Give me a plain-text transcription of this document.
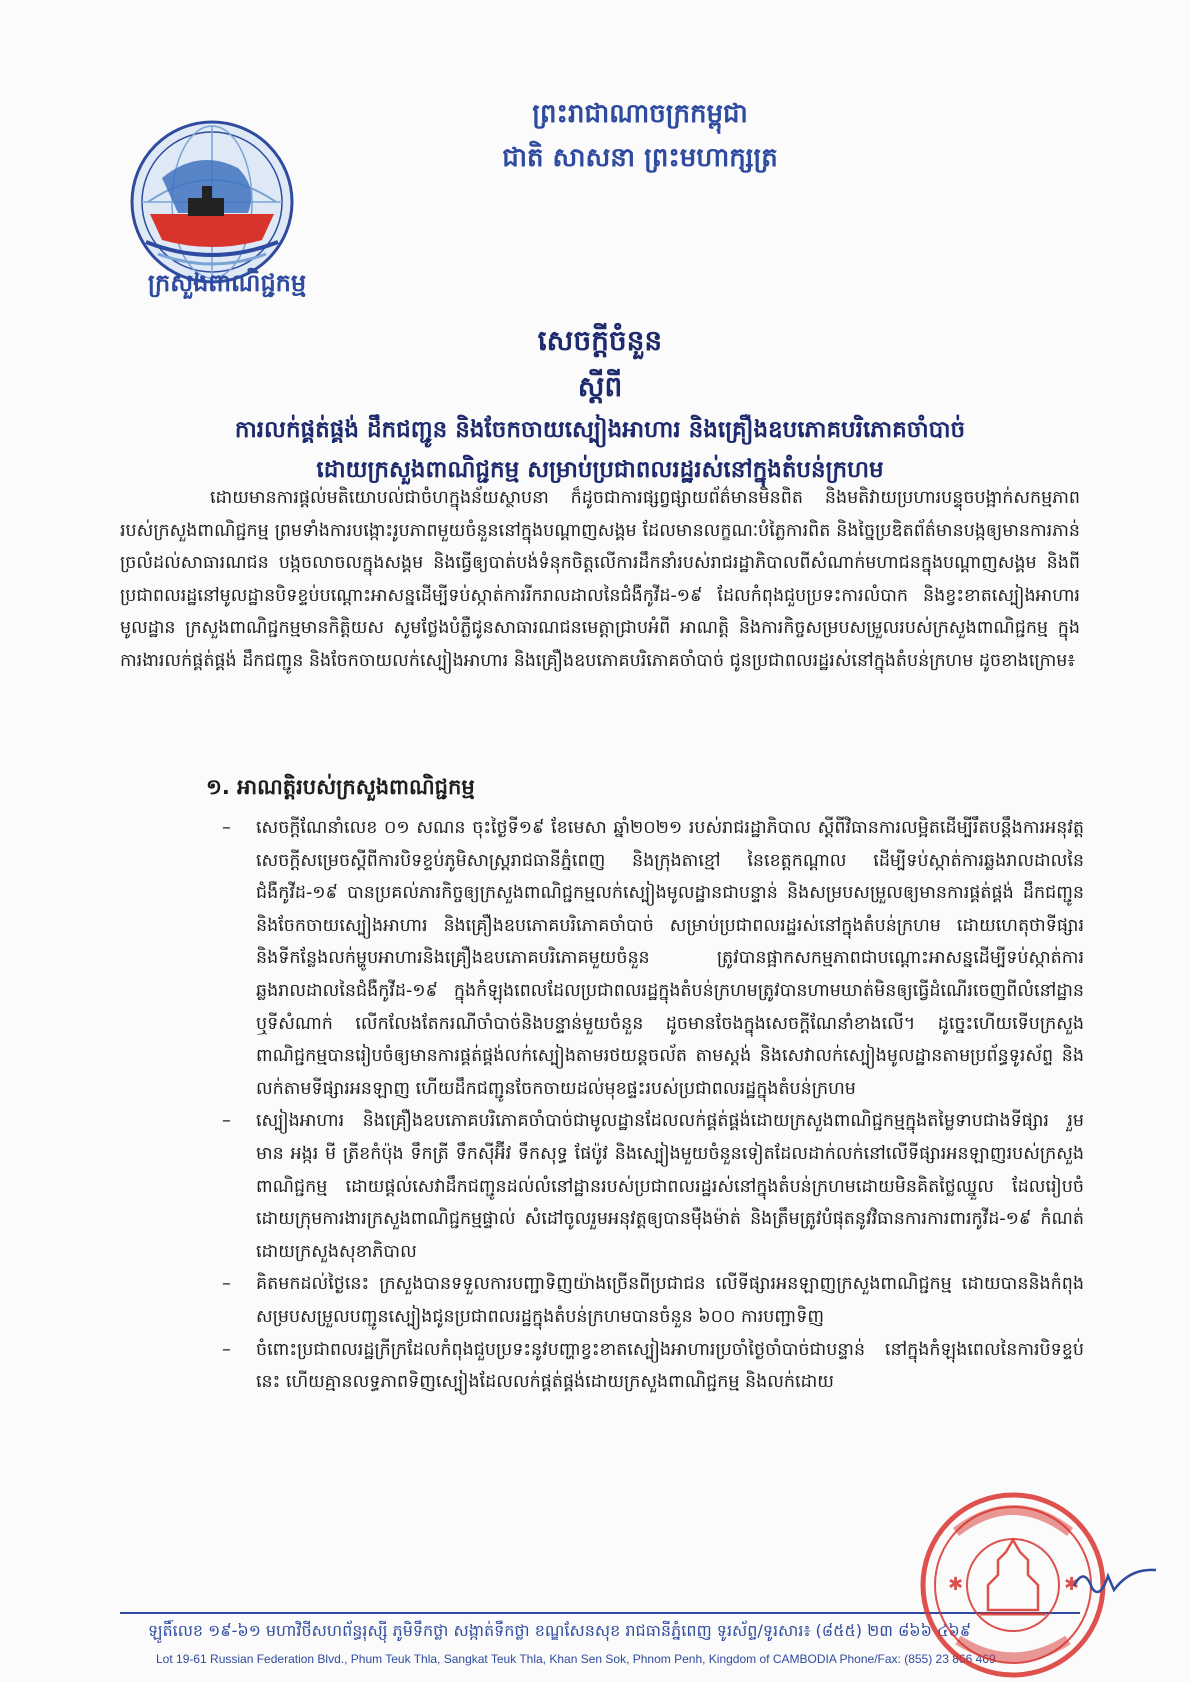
ក្រសួងពាណិជ្ជកម្ម
ព្រះរាជាណាចក្រកម្ពុជា
ជាតិ សាសនា ព្រះមហាក្សត្រ
សេចក្តីចំនួន
ស្តីពី
ការលក់ផ្គត់ផ្គង់ ដឹកជញ្ជូន និងចែកចាយស្បៀងអាហារ និងគ្រឿងឧបភោគបរិភោគចាំបាច់
ដោយក្រសួងពាណិជ្ជកម្ម សម្រាប់ប្រជាពលរដ្ឋរស់នៅក្នុងតំបន់ក្រហម

ដោយមានការផ្តល់មតិយោបល់ជាចំហក្នុងន័យស្ថាបនា ក៏ដូចជាការផ្សព្វផ្សាយព័ត៌មានមិនពិត និងមតិវាយប្រហារបន្ទុចបង្អាក់សកម្មភាពរបស់ក្រសួងពាណិជ្ជកម្ម ព្រមទាំងការបង្កោះរូបភាពមួយចំនួននៅក្នុងបណ្តាញសង្គម ដែលមានលក្ខណៈបំភ្លៃការពិត និងច្នៃប្រឌិតព័ត៌មានបង្កឲ្យមានការភាន់ច្រលំដល់សាធារណជន បង្កចលាចលក្នុងសង្គម និងធ្វើឲ្យបាត់បង់ទំនុកចិត្តលើការដឹកនាំរបស់រាជរដ្ឋាភិបាលពីសំណាក់មហាជនក្នុងបណ្តាញសង្គម និងពីប្រជាពលរដ្ឋនៅមូលដ្ឋានបិទខ្ទប់បណ្តោះអាសន្នដើម្បីទប់ស្កាត់ការរីករាលដាលនៃជំងឺកូវីដ-១៩ ដែលកំពុងជួបប្រទះការលំបាក និងខ្វះខាតស្បៀងអាហារមូលដ្ឋាន ក្រសួងពាណិជ្ជកម្មមានកិត្តិយស សូមថ្លែងបំភ្លឺជូនសាធារណជនមេត្តាជ្រាបអំពី អាណត្តិ និងការកិច្ចសម្របសម្រួលរបស់ក្រសួងពាណិជ្ជកម្ម ក្នុងការងារលក់ផ្គត់ផ្គង់ ដឹកជញ្ជូន និងចែកចាយលក់ស្បៀងអាហារ និងគ្រឿងឧបភោគបរិភោគចាំបាច់ ជូនប្រជាពលរដ្ឋរស់នៅក្នុងតំបន់ក្រហម ដូចខាងក្រោម៖

១. អាណត្តិរបស់ក្រសួងពាណិជ្ជកម្ម

– សេចក្តីណែនាំលេខ ០១ សណន ចុះថ្ងៃទី១៩ ខែមេសា ឆ្នាំ២០២១ របស់រាជរដ្ឋាភិបាល ស្តីពីវិធានការលម្អិតដើម្បីរឹតបន្តឹងការអនុវត្តសេចក្តីសម្រេចស្តីពីការបិទខ្ទប់ភូមិសាស្ត្ររាជធានីភ្នំពេញ និងក្រុងតាខ្មៅ នៃខេត្តកណ្តាល ដើម្បីទប់ស្កាត់ការឆ្លងរាលដាលនៃជំងឺកូវីដ-១៩ បានប្រគល់ភារកិច្ចឲ្យក្រសួងពាណិជ្ជកម្មលក់ស្បៀងមូលដ្ឋានជាបន្ទាន់ និងសម្របសម្រួលឲ្យមានការផ្គត់ផ្គង់ ដឹកជញ្ជូន និងចែកចាយស្បៀងអាហារ និងគ្រឿងឧបភោគបរិភោគចាំបាច់ សម្រាប់ប្រជាពលរដ្ឋរស់នៅក្នុងតំបន់ក្រហម ដោយហេតុថាទីផ្សារ និងទីកន្លែងលក់ម្ហូបអាហារនិងគ្រឿងឧបភោគបរិភោគមួយចំនួន ត្រូវបានផ្អាកសកម្មភាពជាបណ្តោះអាសន្នដើម្បីទប់ស្កាត់ការឆ្លងរាលដាលនៃជំងឺកូវីដ-១៩ ក្នុងកំឡុងពេលដែលប្រជាពលរដ្ឋក្នុងតំបន់ក្រហមត្រូវបានហាមឃាត់មិនឲ្យធ្វើដំណើរចេញពីលំនៅដ្ឋាន ឬទីសំណាក់ លើកលែងតែករណីចាំបាច់និងបន្ទាន់មួយចំនួន ដូចមានចែងក្នុងសេចក្តីណែនាំខាងលើ។ ដូច្នេះហើយទើបក្រសួងពាណិជ្ជកម្មបានរៀបចំឲ្យមានការផ្គត់ផ្គង់លក់ស្បៀងតាមរថយន្តចល័ត តាមស្តង់ និងសេវាលក់ស្បៀងមូលដ្ឋានតាមប្រព័ន្ធទូរស័ព្ទ និងលក់តាមទីផ្សារអនឡាញ ហើយដឹកជញ្ជូនចែកចាយដល់មុខផ្ទះរបស់ប្រជាពលរដ្ឋក្នុងតំបន់ក្រហម

– ស្បៀងអាហារ និងគ្រឿងឧបភោគបរិភោគចាំបាច់ជាមូលដ្ឋានដែលលក់ផ្គត់ផ្គង់ដោយក្រសួងពាណិជ្ជកម្មក្នុងតម្លៃទាបជាងទីផ្សារ រួមមាន អង្ករ មី ត្រីខកំប៉ុង ទឹកត្រី ទឹកស៊ីអ៊ីវ ទឹកសុទ្ធ ផែប៉ូវ និងស្បៀងមួយចំនួនទៀតដែលដាក់លក់នៅលើទីផ្សារអនឡាញរបស់ក្រសួងពាណិជ្ជកម្ម ដោយផ្តល់សេវាដឹកជញ្ជូនដល់លំនៅដ្ឋានរបស់ប្រជាពលរដ្ឋរស់នៅក្នុងតំបន់ក្រហមដោយមិនគិតថ្លៃឈ្នួល ដែលរៀបចំដោយក្រុមការងារក្រសួងពាណិជ្ជកម្មផ្ទាល់ សំដៅចូលរួមអនុវត្តឲ្យបានម៉ឺងម៉ាត់ និងត្រឹមត្រូវបំផុតនូវវិធានការការពារកូវីដ-១៩ កំណត់ដោយក្រសួងសុខាភិបាល

– គិតមកដល់ថ្ងៃនេះ ក្រសួងបានទទួលការបញ្ជាទិញយ៉ាងច្រើនពីប្រជាជន លើទីផ្សារអនឡាញក្រសួងពាណិជ្ជកម្ម ដោយបាននិងកំពុងសម្របសម្រួលបញ្ជូនស្បៀងជូនប្រជាពលរដ្ឋក្នុងតំបន់ក្រហមបានចំនួន ៦០០ ការបញ្ជាទិញ

– ចំពោះប្រជាពលរដ្ឋក្រីក្រដែលកំពុងជួបប្រទះនូវបញ្ហាខ្វះខាតស្បៀងអាហារប្រចាំថ្ងៃចាំបាច់ជាបន្ទាន់ នៅក្នុងកំឡុងពេលនៃការបិទខ្ទប់នេះ ហើយគ្មានលទ្ធភាពទិញស្បៀងដែលលក់ផ្គត់ផ្គង់ដោយក្រសួងពាណិជ្ជកម្ម និងលក់ដោយ

ឡូតិ៍លេខ ១៩-៦១ មហាវិថីសហព័ន្ធរុស្ស៊ី ភូមិទឹកថ្លា សង្កាត់ទឹកថ្លា ខណ្ឌសែនសុខ រាជធានីភ្នំពេញ ទូរស័ព្ទ/ទូរសារ៖ (៨៥៥) ២៣ ៨៦៦ ៤៦៩
Lot 19-61 Russian Federation Blvd., Phum Teuk Thla, Sangkat Teuk Thla, Khan Sen Sok, Phnom Penh, Kingdom of CAMBODIA Phone/Fax: (855) 23 866 469
✱	✱
